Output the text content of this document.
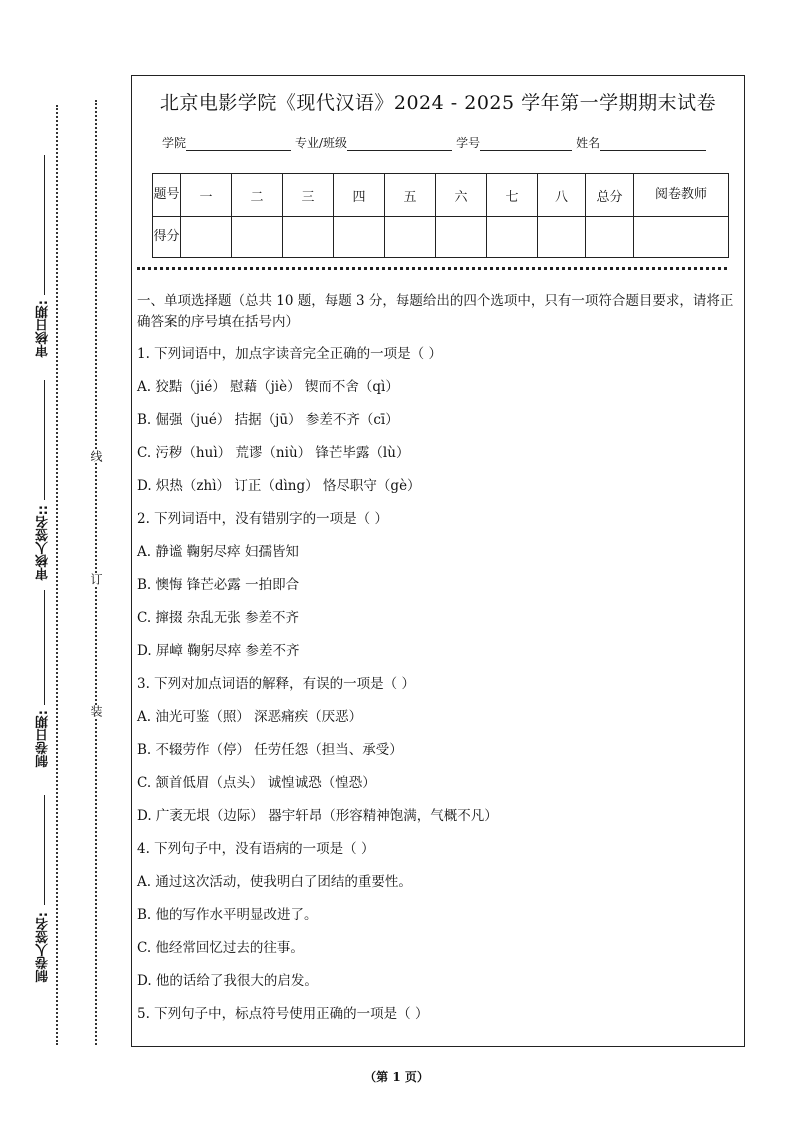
审核日期:
审核人签名::
制卷日期:
制卷人签名:
线
订
装
北京电影学院《现代汉语》2024 - 2025 学年第一学期期末试卷
学院	专业/班级	学号	姓名
题号	一	二	三	四	五	六	七	八	总分	阅卷教师
得分										
一、单项选择题（总共 10 题，每题 3 分，每题给出的四个选项中，只有一项符合题目要求，请将正确答案的序号填在括号内）
1. 下列词语中，加点字读音完全正确的一项是（ ）
A. 狡黠（jié） 慰藉（jiè） 锲而不舍（qì）
B. 倔强（jué） 拮据（jū） 参差不齐（cī）
C. 污秽（huì） 荒谬（niù） 锋芒毕露（lù）
D. 炽热（zhì） 订正（dìng） 恪尽职守（gè）
2. 下列词语中，没有错别字的一项是（ ）
A. 静谧 鞠躬尽瘁 妇孺皆知
B. 懊悔 锋芒必露 一拍即合
C. 撺掇 杂乱无张 参差不齐
D. 屏嶂 鞠躬尽瘁 参差不齐
3. 下列对加点词语的解释，有误的一项是（ ）
A. 油光可鉴（照） 深恶痛疾（厌恶）
B. 不辍劳作（停） 任劳任怨（担当、承受）
C. 颔首低眉（点头） 诚惶诚恐（惶恐）
D. 广袤无垠（边际） 器宇轩昂（形容精神饱满，气概不凡）
4. 下列句子中，没有语病的一项是（ ）
A. 通过这次活动，使我明白了团结的重要性。
B. 他的写作水平明显改进了。
C. 他经常回忆过去的往事。
D. 他的话给了我很大的启发。
5. 下列句子中，标点符号使用正确的一项是（ ）
（第 1 页）
